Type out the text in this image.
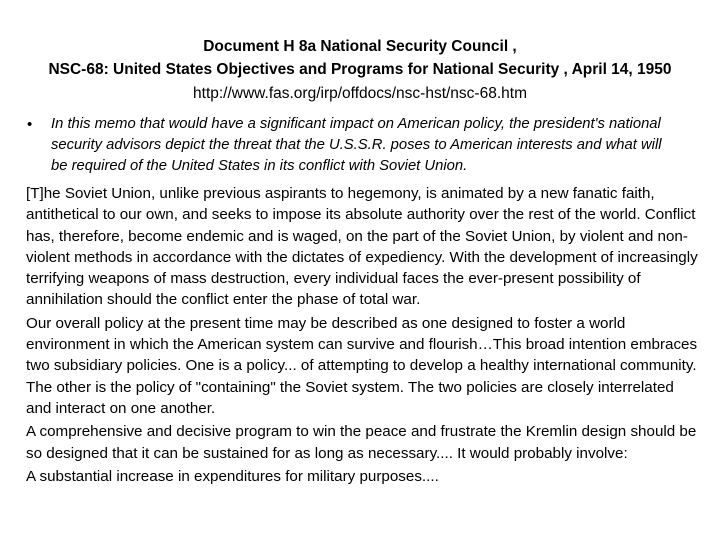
Document H 8a National Security Council ,
NSC-68: United States Objectives and Programs for National Security , April 14, 1950
http://www.fas.org/irp/offdocs/nsc-hst/nsc-68.htm
• In this memo that would have a significant impact on American policy, the president's national security advisors depict the threat that the U.S.S.R. poses to American interests and what will be required of the United States in its conflict with Soviet Union.

[T]he Soviet Union, unlike previous aspirants to hegemony, is animated by a new fanatic faith, antithetical to our own, and seeks to impose its absolute authority over the rest of the world. Conflict has, therefore, become endemic and is waged, on the part of the Soviet Union, by violent and non-violent methods in accordance with the dictates of expediency. With the development of increasingly terrifying weapons of mass destruction, every individual faces the ever-present possibility of annihilation should the conflict enter the phase of total war.

Our overall policy at the present time may be described as one designed to foster a world environment in which the American system can survive and flourish…This broad intention embraces two subsidiary policies. One is a policy... of attempting to develop a healthy international community. The other is the policy of "containing" the Soviet system. The two policies are closely interrelated and interact on one another.

A comprehensive and decisive program to win the peace and frustrate the Kremlin design should be so designed that it can be sustained for as long as necessary.... It would probably involve:

A substantial increase in expenditures for military purposes....
